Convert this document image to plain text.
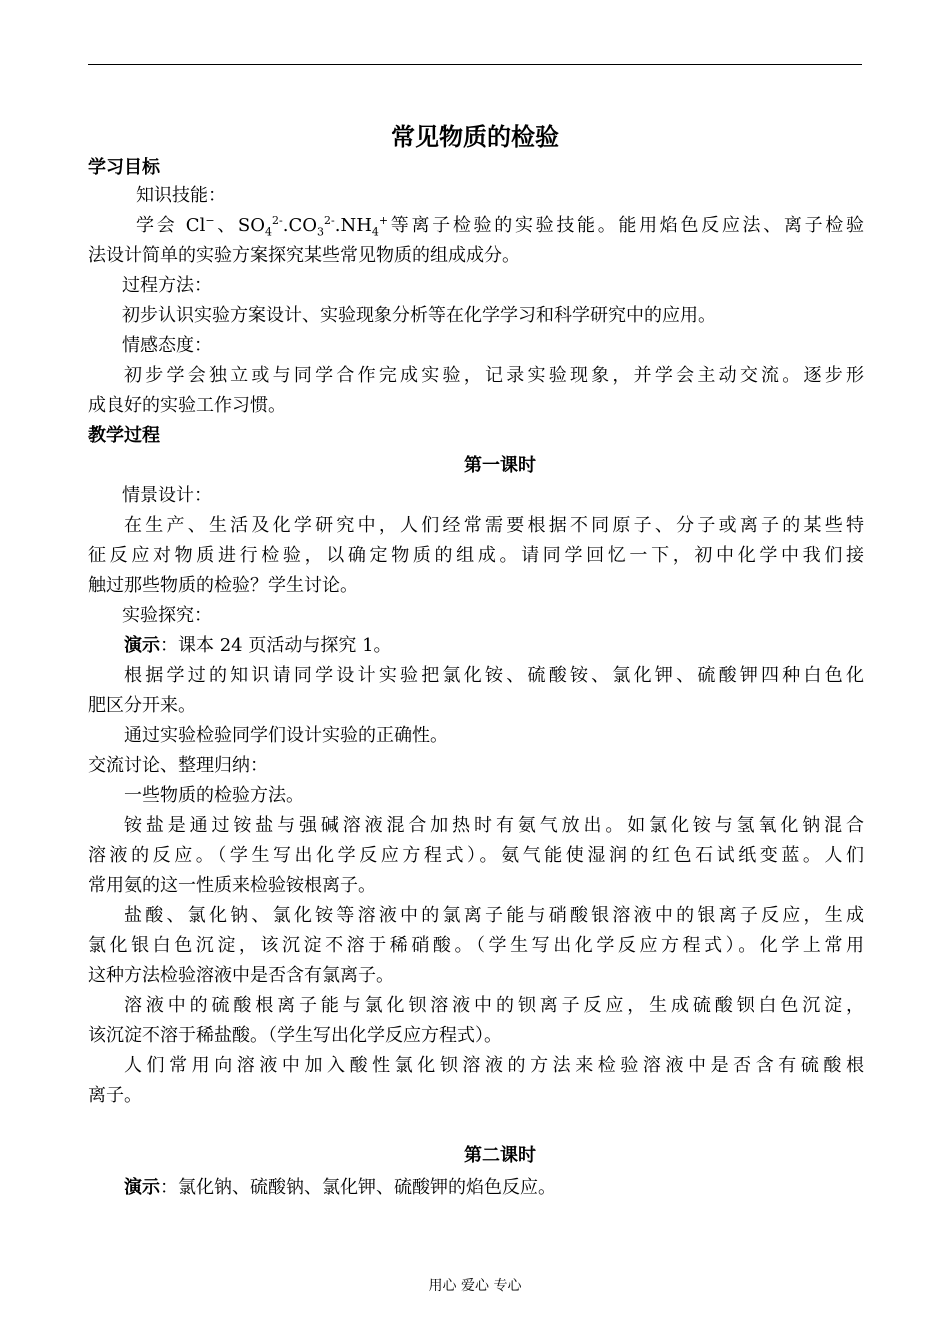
常见物质的检验
学习目标
知识技能：
学会 Cl−、$SO_4^{2-}.CO_3^{2-}.NH_4^+$等离子检验的实验技能。能用焰色反应法、离子检验
法设计简单的实验方案探究某些常见物质的组成成分。
过程方法：
初步认识实验方案设计、实验现象分析等在化学学习和科学研究中的应用。
情感态度：
初步学会独立或与同学合作完成实验，记录实验现象，并学会主动交流。逐步形
成良好的实验工作习惯。
教学过程
第一课时
情景设计：
在生产、生活及化学研究中，人们经常需要根据不同原子、分子或离子的某些特
征反应对物质进行检验，以确定物质的组成。请同学回忆一下，初中化学中我们接
触过那些物质的检验？学生讨论。
实验探究：
演示：课本 24 页活动与探究 1。
根据学过的知识请同学设计实验把氯化铵、硫酸铵、氯化钾、硫酸钾四种白色化
肥区分开来。
通过实验检验同学们设计实验的正确性。
交流讨论、整理归纳：
一些物质的检验方法。
铵盐是通过铵盐与强碱溶液混合加热时有氨气放出。如氯化铵与氢氧化钠混合
溶液的反应。（学生写出化学反应方程式）。氨气能使湿润的红色石试纸变蓝。人们
常用氨的这一性质来检验铵根离子。
盐酸、氯化钠、氯化铵等溶液中的氯离子能与硝酸银溶液中的银离子反应，生成
氯化银白色沉淀，该沉淀不溶于稀硝酸。（学生写出化学反应方程式）。化学上常用
这种方法检验溶液中是否含有氯离子。
溶液中的硫酸根离子能与氯化钡溶液中的钡离子反应，生成硫酸钡白色沉淀，
该沉淀不溶于稀盐酸。（学生写出化学反应方程式）。
人们常用向溶液中加入酸性氯化钡溶液的方法来检验溶液中是否含有硫酸根
离子。
第二课时
演示：氯化钠、硫酸钠、氯化钾、硫酸钾的焰色反应。
用心 爱心 专心
